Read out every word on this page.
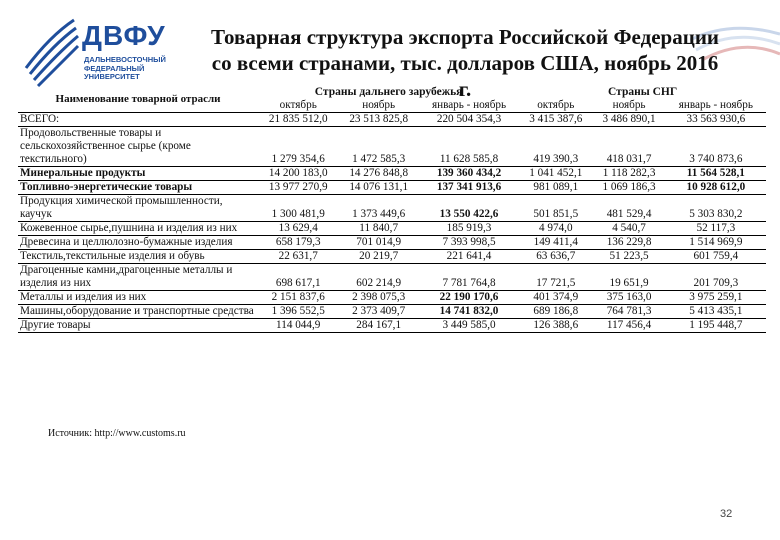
ДВФУ
ДАЛЬНЕВОСТОЧНЫЙ
ФЕДЕРАЛЬНЫЙ
УНИВЕРСИТЕТ
Товарная структура экспорта Российской Федерации
со всеми странами, тыс. долларов США, ноябрь 2016 г.
Наименование товарной отрасли	Страны дальнего зарубежья			Страны СНГ		
	октябрь	ноябрь	январь - ноябрь	октябрь	ноябрь	январь - ноябрь
ВСЕГО:	21 835 512,0	23 513 825,8	220 504 354,3	3 415 387,6	3 486 890,1	33 563 930,6
Продовольственные товары и сельскохозяйственное сырье (кроме текстильного)	1 279 354,6	1 472 585,3	11 628 585,8	419 390,3	418 031,7	3 740 873,6
Минеральные продукты	14 200 183,0	14 276 848,8	139 360 434,2	1 041 452,1	1 118 282,3	11 564 528,1
Топливно-энергетические товары	13 977 270,9	14 076 131,1	137 341 913,6	981 089,1	1 069 186,3	10 928 612,0
Продукция химической промышленности, каучук	1 300 481,9	1 373 449,6	13 550 422,6	501 851,5	481 529,4	5 303 830,2
Кожевенное сырье,пушнина и изделия из них	13 629,4	11 840,7	185 919,3	4 974,0	4 540,7	52 117,3
Древесина и целлюлозно-бумажные изделия	658 179,3	701 014,9	7 393 998,5	149 411,4	136 229,8	1 514 969,9
Текстиль,текстильные изделия и обувь	22 631,7	20 219,7	221 641,4	63 636,7	51 223,5	601 759,4
Драгоценные камни,драгоценные металлы и изделия из них	698 617,1	602 214,9	7 781 764,8	17 721,5	19 651,9	201 709,3
Металлы и изделия из них	2 151 837,6	2 398 075,3	22 190 170,6	401 374,9	375 163,0	3 975 259,1
Машины,оборудование и транспортные средства	1 396 552,5	2 373 409,7	14 741 832,0	689 186,8	764 781,3	5 413 435,1
Другие товары	114 044,9	284 167,1	3 449 585,0	126 388,6	117 456,4	1 195 448,7
Источник: http://www.customs.ru
32
